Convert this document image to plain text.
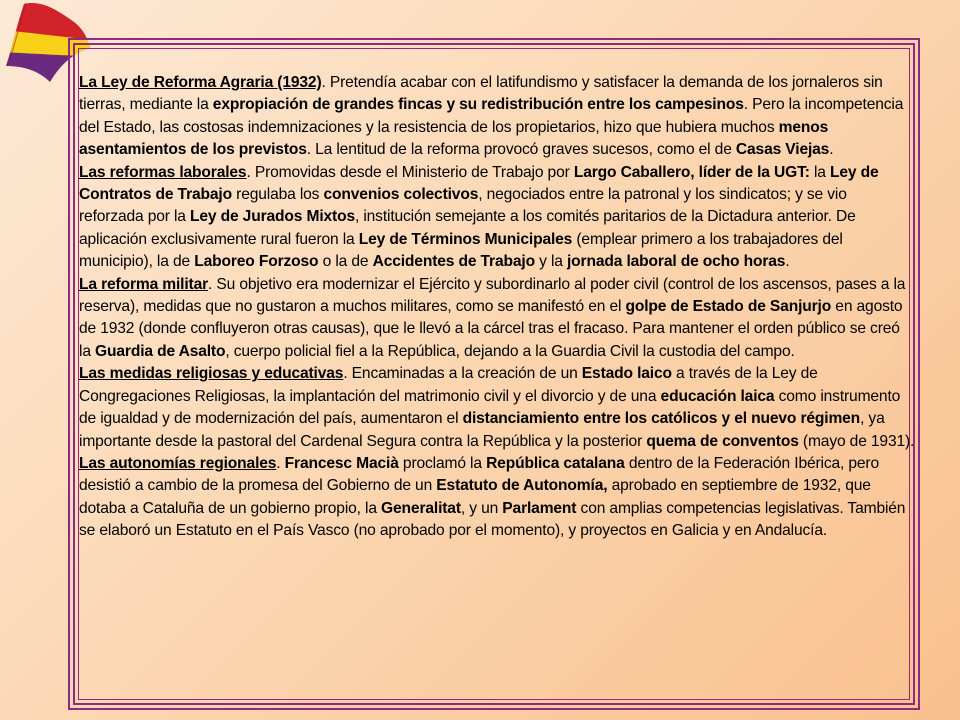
La Ley de Reforma Agraria (1932). Pretendía acabar con el latifundismo y satisfacer la demanda de los jornaleros sin tierras, mediante la expropiación de grandes fincas y su redistribución entre los campesinos. Pero la incompetencia del Estado, las costosas indemnizaciones y la resistencia de los propietarios, hizo que hubiera muchos menos asentamientos de los previstos. La lentitud de la reforma provocó graves sucesos, como el de Casas Viejas.

Las reformas laborales. Promovidas desde el Ministerio de Trabajo por Largo Caballero, líder de la UGT: la Ley de Contratos de Trabajo regulaba los convenios colectivos, negociados entre la patronal y los sindicatos; y se vio reforzada por la Ley de Jurados Mixtos, institución semejante a los comités paritarios de la Dictadura anterior. De aplicación exclusivamente rural fueron la Ley de Términos Municipales (emplear primero a los trabajadores del municipio), la de Laboreo Forzoso o la de Accidentes de Trabajo y la jornada laboral de ocho horas.

La reforma militar. Su objetivo era modernizar el Ejército y subordinarlo al poder civil (control de los ascensos, pases a la reserva), medidas que no gustaron a muchos militares, como se manifestó en el golpe de Estado de Sanjurjo en agosto de 1932 (donde confluyeron otras causas), que le llevó a la cárcel tras el fracaso. Para mantener el orden público se creó la Guardia de Asalto, cuerpo policial fiel a la República, dejando a la Guardia Civil la custodia del campo.

Las medidas religiosas y educativas. Encaminadas a la creación de un Estado laico a través de la Ley de Congregaciones Religiosas, la implantación del matrimonio civil y el divorcio y de una educación laica como instrumento de igualdad y de modernización del país, aumentaron el distanciamiento entre los católicos y el nuevo régimen, ya importante desde la pastoral del Cardenal Segura contra la República y la posterior quema de conventos (mayo de 1931).

Las autonomías regionales. Francesc Macià proclamó la República catalana dentro de la Federación Ibérica, pero desistió a cambio de la promesa del Gobierno de un Estatuto de Autonomía, aprobado en septiembre de 1932, que dotaba a Cataluña de un gobierno propio, la Generalitat, y un Parlament con amplias competencias legislativas. También se elaboró un Estatuto en el País Vasco (no aprobado por el momento), y proyectos en Galicia y en Andalucía.
